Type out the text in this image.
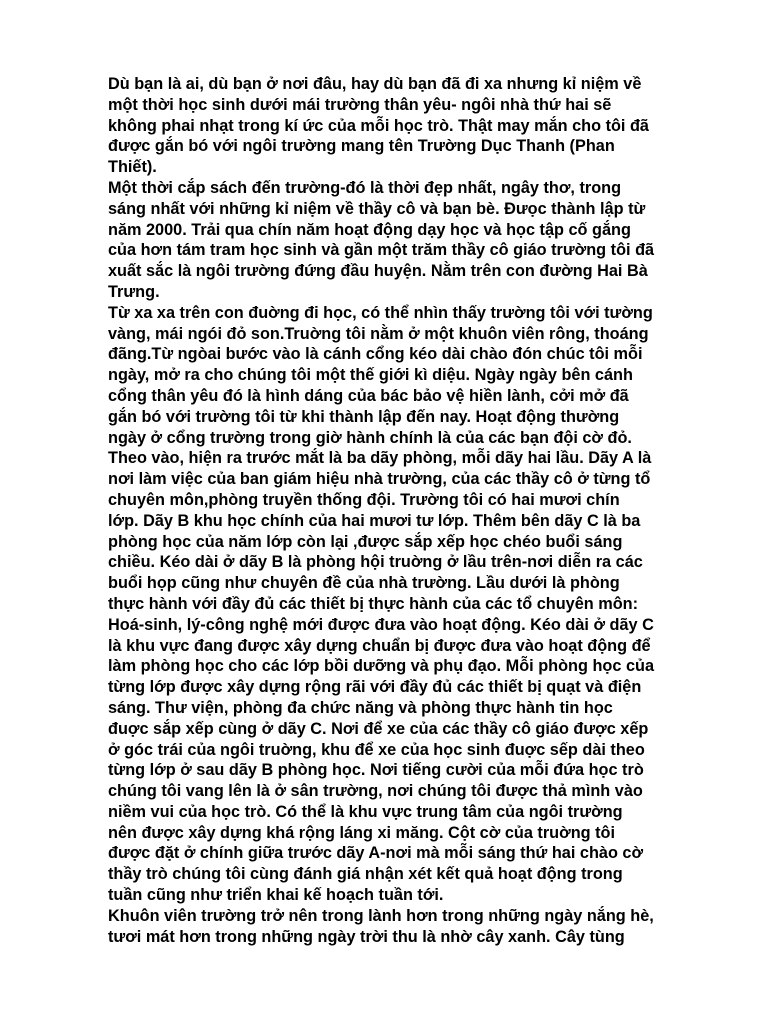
Dù bạn là ai, dù bạn ở nơi đâu, hay dù bạn đã đi xa nhưng kỉ niệm về
một thời học sinh dưới mái trường thân yêu- ngôi nhà thứ hai sẽ
không phai nhạt trong kí ức của mỗi học trò. Thật may mắn cho tôi đã
được gắn bó với ngôi trường mang tên Trường Dục Thanh (Phan
Thiết).
Một thời cắp sách đến trường-đó là thời đẹp nhất, ngây thơ, trong
sáng nhất với những kỉ niệm về thầy cô và bạn bè. Đưọc thành lập từ
năm 2000. Trải qua chín năm hoạt động dạy học và học tập cố gắng
của hơn tám tram học sinh và gần một trăm thầy cô giáo trường tôi đã
xuất sắc là ngôi trường đứng đầu huyện. Nằm trên con đường Hai Bà
Trưng.
Từ xa xa trên con đuờng đi học, có thể nhìn thấy trường tôi với tường
vàng, mái ngói đỏ son.Truờng tôi nằm ở một khuôn viên rông, thoáng
đãng.Từ ngòai bước vào là cánh cổng kéo dài chào đón chúc tôi mỗi
ngày, mở ra cho chúng tôi một thế giới kì diệu. Ngày ngày bên cánh
cổng thân yêu đó là hình dáng của bác bảo vệ hiền lành, cởi mở đã
gắn bó với trường tôi từ khi thành lập đến nay. Hoạt động thường
ngày ở cổng trường trong giờ hành chính là của các bạn đội cờ đỏ.
Theo vào, hiện ra trước mắt là ba dãy phòng, mỗi dãy hai lầu. Dãy A là
nơi làm việc của ban giám hiệu nhà trường, của các thầy cô ở từng tổ
chuyên môn,phòng truyền thống đội. Trường tôi có hai mươi chín
lớp. Dãy B khu học chính của hai mươi tư lớp. Thêm bên dãy C là ba
phòng học của năm lớp còn lại ,được sắp xếp học chéo buổi sáng
chiều. Kéo dài ở dãy B là phòng hội truờng ở lầu trên-nơi diễn ra các
buổi họp cũng như chuyên đề của nhà trường. Lầu dưới là phòng
thực hành với đầy đủ các thiết bị thực hành của các tổ chuyên môn:
Hoá-sinh, lý-công nghệ mới được đưa vào hoạt động. Kéo dài ở dãy C
là khu vực đang được xây dựng chuẩn bị được đưa vào hoạt động để
làm phòng học cho các lớp bồi dưỡng và phụ đạo. Mỗi phòng học của
từng lớp được xây dựng rộng rãi với đầy đủ các thiết bị quạt và điện
sáng. Thư viện, phòng đa chức năng và phòng thực hành tin học
đuợc sắp xếp cùng ở dãy C. Nơi để xe của các thầy cô giáo được xếp
ở góc trái của ngôi truờng, khu để xe của học sinh đuợc sếp dài theo
từng lớp ở sau dãy B phòng học. Nơi tiếng cười của mỗi đứa học trò
chúng tôi vang lên là ở sân trường, nơi chúng tôi được thả mình vào
niềm vui của học trò. Có thể là khu vực trung tâm của ngôi trường
nên được xây dựng khá rộng láng xi măng. Cột cờ của truờng tôi
được đặt ở chính giữa trước dãy A-nơi mà mỗi sáng thứ hai chào cờ
thầy trò chúng tôi cùng đánh giá nhận xét kết quả hoạt động trong
tuần cũng như triển khai kế hoạch tuần tới.
Khuôn viên trường trở nên trong lành hơn trong những ngày nắng hè,
tươi mát hơn trong những ngày trời thu là nhờ cây xanh. Cây tùng
